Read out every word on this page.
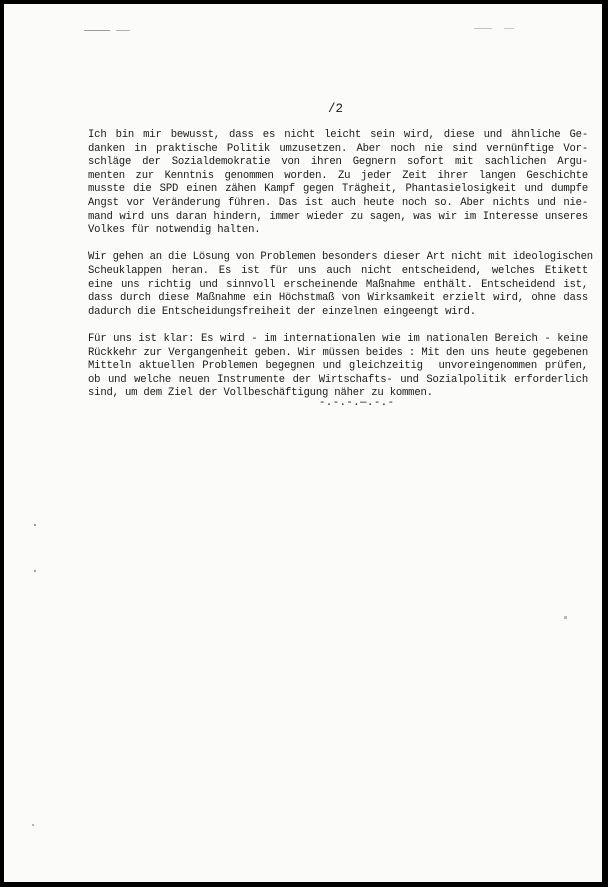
/2
Ich bin mir bewusst, dass es nicht leicht sein wird, diese und ähnliche Ge-
danken in praktische Politik umzusetzen. Aber noch nie sind vernünftige Vor-
schläge der Sozialdemokratie von ihren Gegnern sofort mit sachlichen Argu-
menten zur Kenntnis genommen worden. Zu jeder Zeit ihrer langen Geschichte
musste die SPD einen zähen Kampf gegen Trägheit, Phantasielosigkeit und dumpfe
Angst vor Veränderung führen. Das ist auch heute noch so. Aber nichts und nie-
mand wird uns daran hindern, immer wieder zu sagen, was wir im Interesse unseres
Volkes für notwendig halten.
Wir gehen an die Lösung von Problemen besonders dieser Art nicht mit ideologischen
Scheuklappen heran. Es ist für uns auch nicht entscheidend, welches Etikett
eine uns richtig und sinnvoll erscheinende Maßnahme enthält. Entscheidend ist,
dass durch diese Maßnahme ein Höchstmaß von Wirksamkeit erzielt wird, ohne dass
dadurch die Entscheidungsfreiheit der einzelnen eingeengt wird.
Für uns ist klar: Es wird - im internationalen wie im nationalen Bereich - keine
Rückkehr zur Vergangenheit geben. Wir müssen beides : Mit den uns heute gegebenen
Mitteln aktuellen Problemen begegnen und gleichzeitig  unvoreingenommen prüfen,
ob und welche neuen Instrumente der Wirtschafts- und Sozialpolitik erforderlich
sind, um dem Ziel der Vollbeschäftigung näher zu kommen.
-.-.-.—.-.-
